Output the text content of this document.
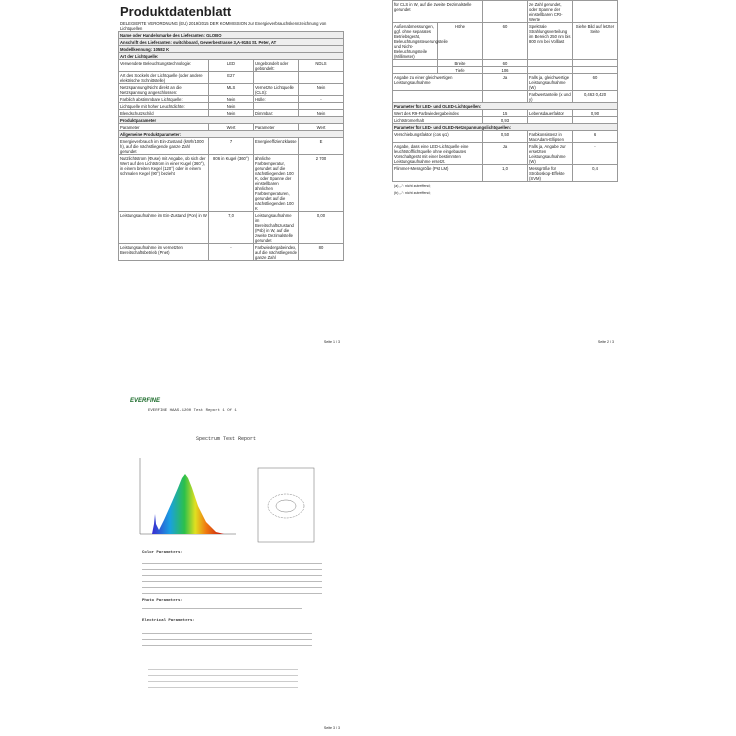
Produktdatenblatt
DELEGIERTE VERORDNUNG (EU) 2019/2015 DER KOMMISSION zur Energieverbrauchskennzeichnung von Lichtquellen
Name oder Handelsmarke des Lieferanten: GLOBO			
Anschrift des Lieferanten: switchboard, Gewerbestrasse 3,A-9184 St. Peter, AT			
Modellkennung: 10582 K			
Art der Lichtquelle:			
Verwendete Beleuchtungstechnologie:	LED	Ungebündelt oder gebündelt:	NDLS
Art des Sockels der Lichtquelle (oder andere elektrische Schnittstelle)	E27		
Netzspannung/Nicht direkt an die Netzspannung angeschlossen:	MLS	Vernetzte Lichtquelle (CLS):	Nein
Farblich abstimmbare Lichtquelle:	Nein	Hülle:	-
Lichtquelle mit hoher Leuchtdichte:	Nein		
Blendschutzschild	Nein	Dimmbar:	Nein
Produktparameter			
Parameter	Wert	Parameter	Wert
Allgemeine Produktparameter:			
Energieverbrauch im Ein-Zustand (kWh/1000 h), auf die nächstliegende ganze Zahl gerundet	7	Energieeffizienzklasse	E
Nutzlichtstrom (Φuse) mit Angabe, ob sich der Wert auf den Lichtstrom in einer Kugel (360°), in einem breiten Kegel (120°) oder in einem schmalen Kegel (90°) bezieht	806 in Kugel (360°)	ähnliche Farbtemperatur, gerundet auf die nächstliegenden 100 K, oder Spanne der einstellbaren ähnlichen Farbtemperaturen, gerundet auf die nächstliegenden 100 K	2 700
Leistungsaufnahme im Ein-Zustand (Pon) in W	7,0	Leistungsaufnahme im Bereitschaftszustand (Psb) in W, auf die zweite Dezimalstelle gerundet	0,00
Leistungsaufnahme im vernetzten Bereitschaftsbetrieb (Pnet)	-	Farbwiedergabeindex, auf die nächstliegende ganze Zahl	80
Seite 1 / 3
für CLS in W, auf die zweite Dezimalstelle gerundet			ze Zahl gerundet, oder Spanne der einstellbaren CRI-Werte	
Außenabmessungen, ggf. ohne separates Betriebsgerät, Beleuchtungssteuerungsteile und Nicht-Beleuchtungsteile (Millimeter)	Höhe	60	Spektrale Strahlungsverteilung im Bereich 250 nm bis 800 nm bei Volllast	Siehe Bild auf letzter Seite
	Breite	60		
	Tiefe	106		
Angabe zu einer gleichwertigen Leistungsaufnahme		Ja	Falls ja, gleichwertige Leistungsaufnahme (W)	60
			Farbwertanteile (x und y)	0,463 0,420
Parameter für LED- und OLED-Lichtquellen:				
Wert des R9-Farbwiedergabeindex		15	Lebensdauerfaktor	0,90
Lichtstromerhalt		0,93		
Parameter für LED- und OLED-Netzspannungslichtquellen:				
Verschiebungsfaktor (cos φ1)		0,50	Farbkonsistenz in MacAdam-Ellipsen	6
Angabe, dass eine LED-Lichtquelle eine leuchtstofflichtquelle ohne eingebautes Vorschaltgerät mit einer bestimmten Leistungsaufnahme ersetzt.		Ja	Falls ja, Angabe zur ersetzten Leistungsaufnahme (W)	-
Flimmer-Messgröße (Pst LM)		1,0	Messgröße für Stroboskop-Effekte (SVM)	0,4
(a) „-“: nicht zutreffend;
(b) „-“: nicht zutreffend;
Seite 2 / 3
EVERFINE
EVERFINE HAAS-1200 Test Report 1 Of 1
Spectrum Test Report
Color Parameters:
Photo Parameters:
Electrical Parameters:
Seite 3 / 3
